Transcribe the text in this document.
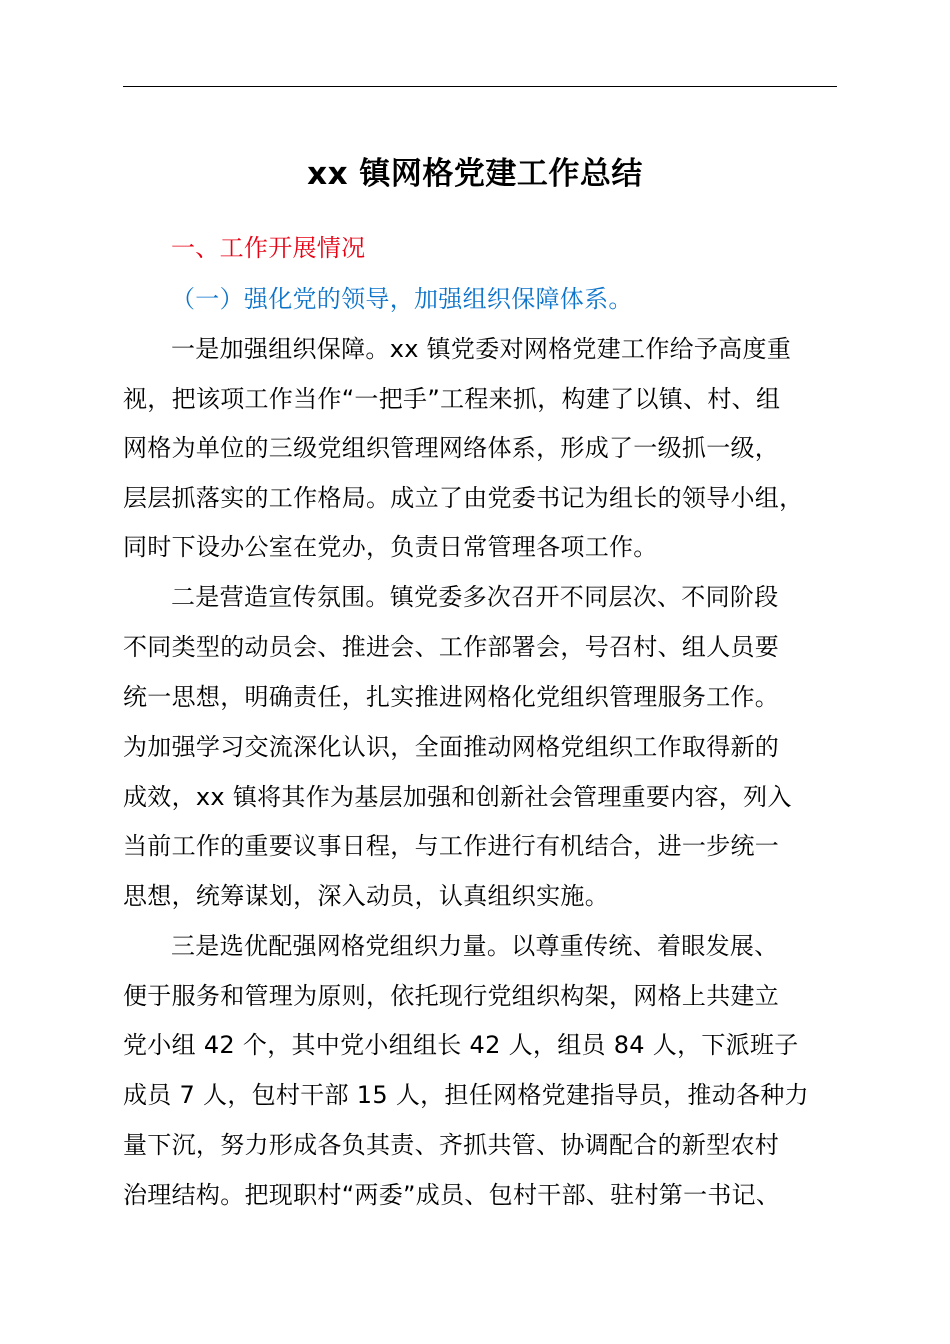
xx 镇网格党建工作总结
一、工作开展情况
（一）强化党的领导，加强组织保障体系。
一是加强组织保障。xx 镇党委对网格党建工作给予高度重
视，把该项工作当作“一把手”工程来抓，构建了以镇、村、组
网格为单位的三级党组织管理网络体系，形成了一级抓一级，
层层抓落实的工作格局。成立了由党委书记为组长的领导小组，
同时下设办公室在党办，负责日常管理各项工作。
二是营造宣传氛围。镇党委多次召开不同层次、不同阶段
不同类型的动员会、推进会、工作部署会，号召村、组人员要
统一思想，明确责任，扎实推进网格化党组织管理服务工作。
为加强学习交流深化认识，全面推动网格党组织工作取得新的
成效，xx 镇将其作为基层加强和创新社会管理重要内容，列入
当前工作的重要议事日程，与工作进行有机结合，进一步统一
思想，统筹谋划，深入动员，认真组织实施。
三是选优配强网格党组织力量。以尊重传统、着眼发展、
便于服务和管理为原则，依托现行党组织构架，网格上共建立
党小组 42 个，其中党小组组长 42 人，组员 84 人，下派班子
成员 7 人，包村干部 15 人，担任网格党建指导员，推动各种力
量下沉，努力形成各负其责、齐抓共管、协调配合的新型农村
治理结构。把现职村“两委”成员、包村干部、驻村第一书记、
